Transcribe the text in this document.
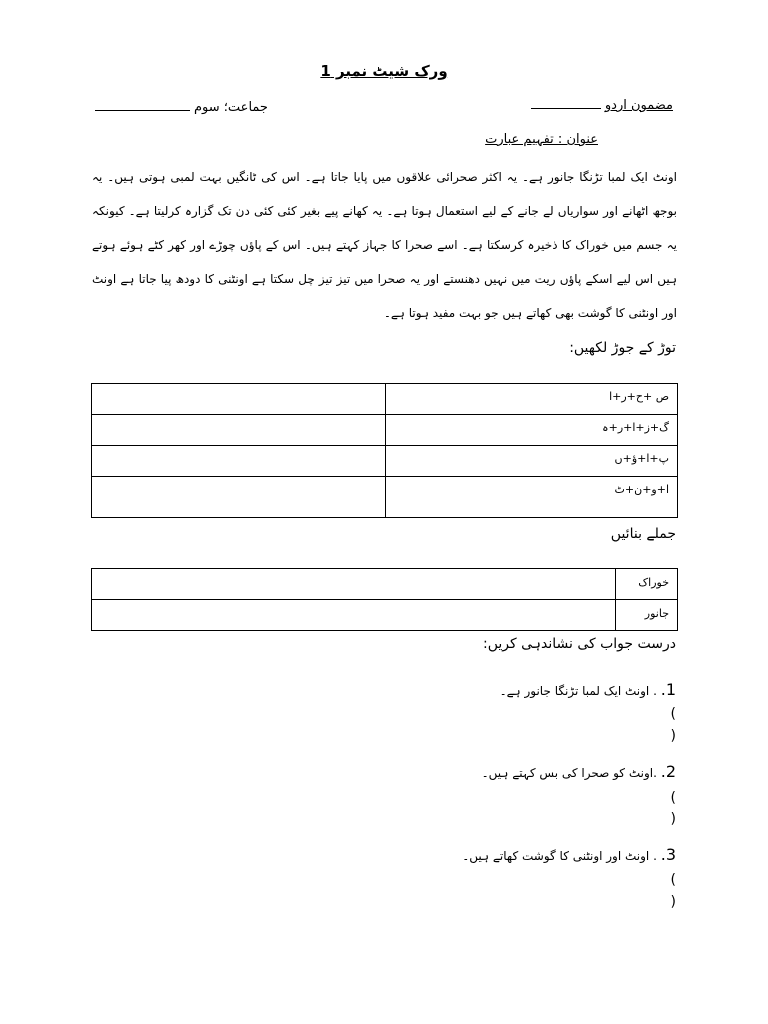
ورک شیٹ نمبر 1
مضمون اردو
جماعت؛ سوم
عنوان : تفہیم عبارت
اونٹ ایک لمبا تڑنگا جانور ہے۔ یہ اکثر صحرائی علاقوں میں پایا جاتا ہے۔ اس کی ٹانگیں بہت لمبی ہوتی ہیں۔ یہ بوجھ اٹھانے اور سواریاں لے جانے کے لیے استعمال ہوتا ہے۔ یہ کھانے پیے بغیر کئی کئی دن تک گزارہ کرلیتا ہے۔ کیونکہ یہ جسم میں خوراک کا ذخیرہ کرسکتا ہے۔ اسے صحرا کا جہاز کہتے ہیں۔ اس کے پاؤں چوڑے اور کھر کٹے ہوئے ہوتے ہیں اس لیے اسکے پاؤں ریت میں نہیں دھنستے اور یہ صحرا میں تیز تیز چل سکتا ہے اونٹنی کا دودھ پیا جاتا ہے اونٹ اور اونٹنی کا گوشت بھی کھاتے ہیں جو بہت مفید ہوتا ہے۔
توڑ کے جوڑ لکھیں:
ص +ح+ر+ا	
گ+ز+ا+ر+ہ	
پ+ا+ؤ+ں	
ا+و+ن+ٹ	
جملے بنائیں
خوراک	
جانور	
درست جواب کی نشاندہی کریں:
1. . اونٹ ایک لمبا تڑنگا جانور ہے۔
(
)
2. .اونٹ کو صحرا کی بس کہتے ہیں۔
(
)
3. . اونٹ اور اونٹنی کا گوشت کھاتے ہیں۔
(
)
